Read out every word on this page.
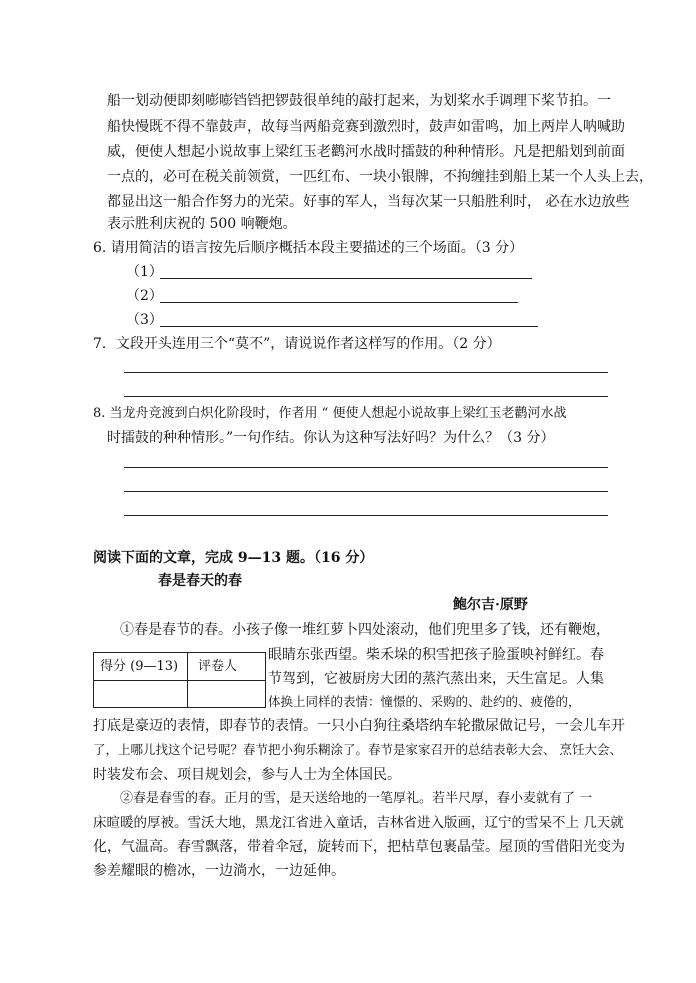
船一划动便即刻嘭嘭铛铛把锣鼓很单纯的敲打起来，为划桨水手调理下桨节拍。一
船快慢既不得不靠鼓声，故每当两船竞赛到激烈时，鼓声如雷鸣，加上两岸人呐喊助
威，便使人想起小说故事上梁红玉老鹳河水战时擂鼓的种种情形。凡是把船划到前面
一点的，必可在税关前领赏，一匹红布、一块小银牌，不拘缠挂到船上某一个人头上去，
都显出这一船合作努力的光荣。好事的军人，当每次某一只船胜利时， 必在水边放些
表示胜利庆祝的 500 响鞭炮。
6. 请用简洁的语言按先后顺序概括本段主要描述的三个场面。（3 分）
（1）
（2）
（3）
7．文段开头连用三个“莫不”，请说说作者这样写的作用。（2 分）
8. 当龙舟竞渡到白炽化阶段时，作者用 “ 便使人想起小说故事上梁红玉老鹳河水战
时擂鼓的种种情形。”一句作结。你认为这种写法好吗？为什么？（3 分）
阅读下面的文章，完成 9—13 题。（16 分）
春是春天的春
鲍尔吉·原野
得分 (9—13) 评卷人
①春是春节的春。小孩子像一堆红萝卜四处滚动，他们兜里多了钱，还有鞭炮，
眼睛东张西望。柴禾垛的积雪把孩子脸蛋映衬鲜红。春
节驾到，它被厨房大团的蒸汽蒸出来，天生富足。人集
体换上同样的表情：憧憬的、采购的、赴约的、疲倦的，
打底是豪迈的表情，即春节的表情。一只小白狗往桑塔纳车轮撒尿做记号，一会儿车开
了，上哪儿找这个记号呢？春节把小狗乐糊涂了。春节是家家召开的总结表彰大会、 烹饪大会、
时装发布会、项目规划会，参与人士为全体国民。
②春是春雪的春。正月的雪，是天送给地的一笔厚礼。若半尺厚，春小麦就有了 一
床暄暖的厚被。雪沃大地，黑龙江省进入童话，吉林省进入版画，辽宁的雪呆不上 几天就
化，气温高。春雪飘落，带着伞冠，旋转而下，把枯草包裹晶莹。屋顶的雪借阳光变为
参差耀眼的檐冰，一边淌水，一边延伸。
